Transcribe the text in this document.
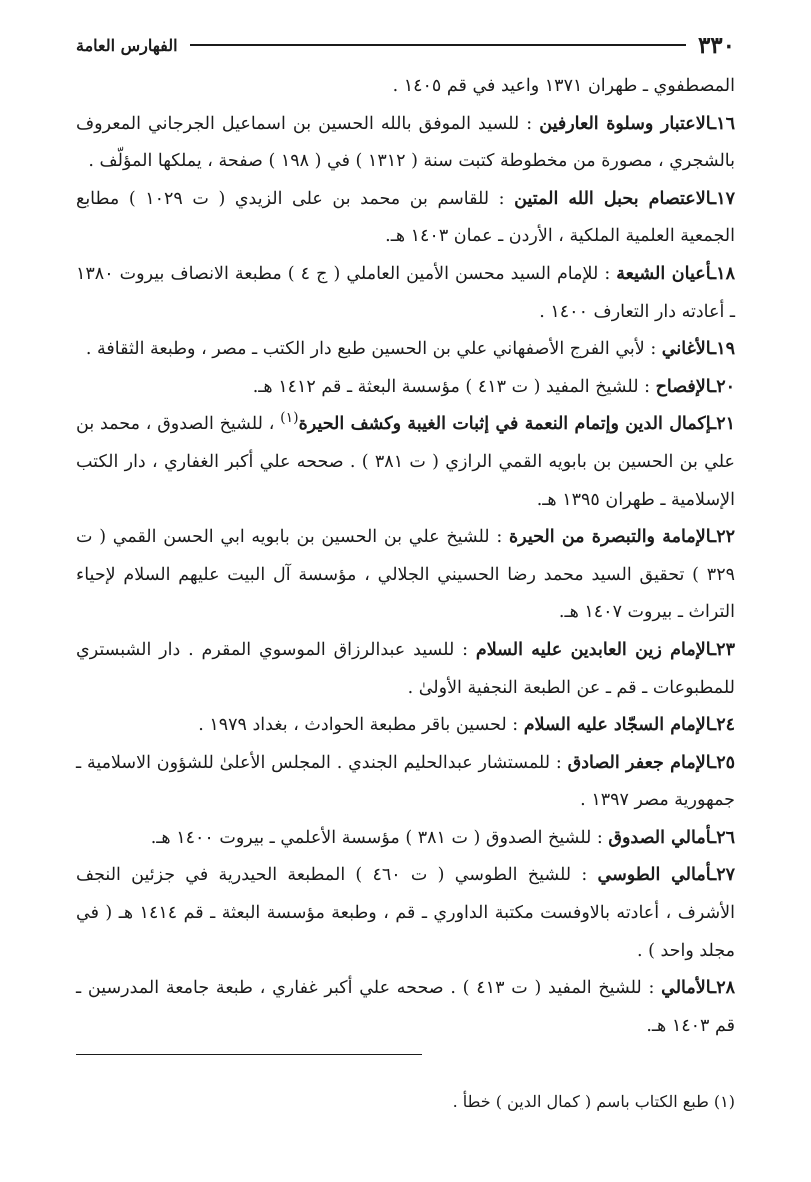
٣٣٠
الفهارس العامة

المصطفوي ـ طهران ١٣٧١ واعيد في قم ١٤٠٥ .

١٦ـالاعتبار وسلوة العارفين : للسيد الموفق بالله الحسين بن اسماعيل الجرجاني المعروف بالشجري ، مصورة من مخطوطة كتبت سنة ( ١٣١٢ ) في ( ١٩٨ ) صفحة ، يملكها المؤلّف .

١٧ـالاعتصام بحبل الله المتين : للقاسم بن محمد بن على الزيدي ( ت ١٠٢٩ ) مطابع الجمعية العلمية الملكية ، الأردن ـ عمان ١٤٠٣ هـ.

١٨ـأعيان الشيعة : للإمام السيد محسن الأمين العاملي ( ج ٤ ) مطبعة الانصاف بيروت ١٣٨٠ ـ أعادته دار التعارف ١٤٠٠ .

١٩ـالأغاني : لأبي الفرج الأصفهاني علي بن الحسين طبع دار الكتب ـ مصر ، وطبعة الثقافة .

٢٠ـالإفصاح : للشيخ المفيد ( ت ٤١٣ ) مؤسسة البعثة ـ قم ١٤١٢ هـ.

٢١ـإكمال الدين وإتمام النعمة في إثبات الغيبة وكشف الحيرة$^{(١)}$ ، للشيخ الصدوق ، محمد بن علي بن الحسين بن بابويه القمي الرازي ( ت ٣٨١ ) . صححه علي أكبر الغفاري ، دار الكتب الإسلامية ـ طهران ١٣٩٥ هـ.

٢٢ـالإمامة والتبصرة من الحيرة : للشيخ علي بن الحسين بن بابويه ابي الحسن القمي ( ت ٣٢٩ ) تحقيق السيد محمد رضا الحسيني الجلالي ، مؤسسة آل البيت عليهم السلام لإحياء التراث ـ بيروت ١٤٠٧ هـ.

٢٣ـالإمام زين العابدين عليه السلام : للسيد عبدالرزاق الموسوي المقرم . دار الشبستري للمطبوعات ـ قم ـ عن الطبعة النجفية الأولىٰ .

٢٤ـالإمام السجّاد عليه السلام : لحسين باقر مطبعة الحوادث ، بغداد ١٩٧٩ .

٢٥ـالإمام جعفر الصادق : للمستشار عبدالحليم الجندي . المجلس الأعلىٰ للشؤون الاسلامية ـ جمهورية مصر ١٣٩٧ .

٢٦ـأمالي الصدوق : للشيخ الصدوق ( ت ٣٨١ ) مؤسسة الأعلمي ـ بيروت ١٤٠٠ هـ.

٢٧ـأمالي الطوسي : للشيخ الطوسي ( ت ٤٦٠ ) المطبعة الحيدرية في جزئين النجف الأشرف ، أعادته بالاوفست مكتبة الداوري ـ قم ، وطبعة مؤسسة البعثة ـ قم ١٤١٤ هـ ( في مجلد واحد ) .

٢٨ـالأمالي : للشيخ المفيد ( ت ٤١٣ ) . صححه علي أكبر غفاري ، طبعة جامعة المدرسين ـ قم ١٤٠٣ هـ.

(١) طبع الكتاب باسم ( كمال الدين ) خطأ .
